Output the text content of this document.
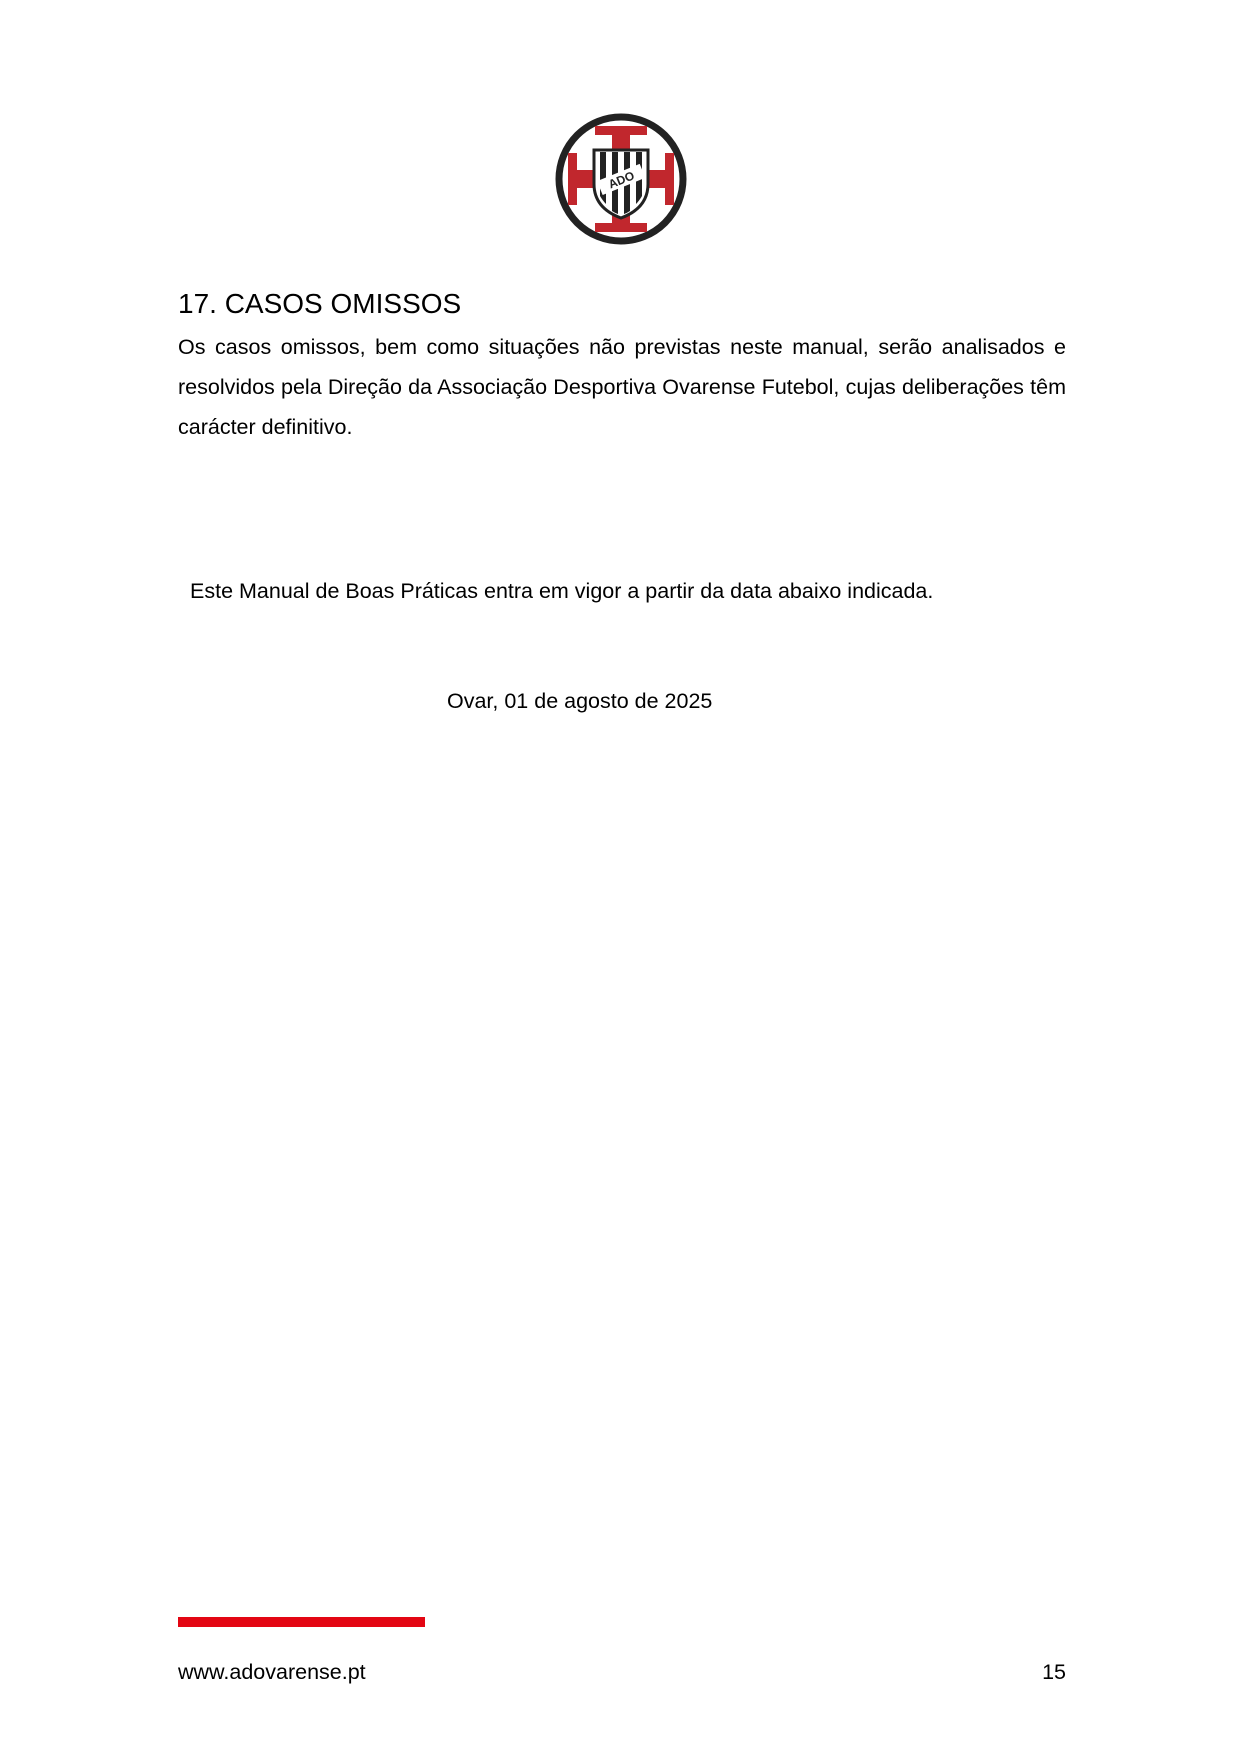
ADO
17. CASOS OMISSOS

Os casos omissos, bem como situações não previstas neste manual, serão analisados e resolvidos pela Direção da Associação Desportiva Ovarense Futebol, cujas deliberações têm carácter definitivo.

Este Manual de Boas Práticas entra em vigor a partir da data abaixo indicada.

Ovar, 01 de agosto de 2025

www.adovarense.pt	15
